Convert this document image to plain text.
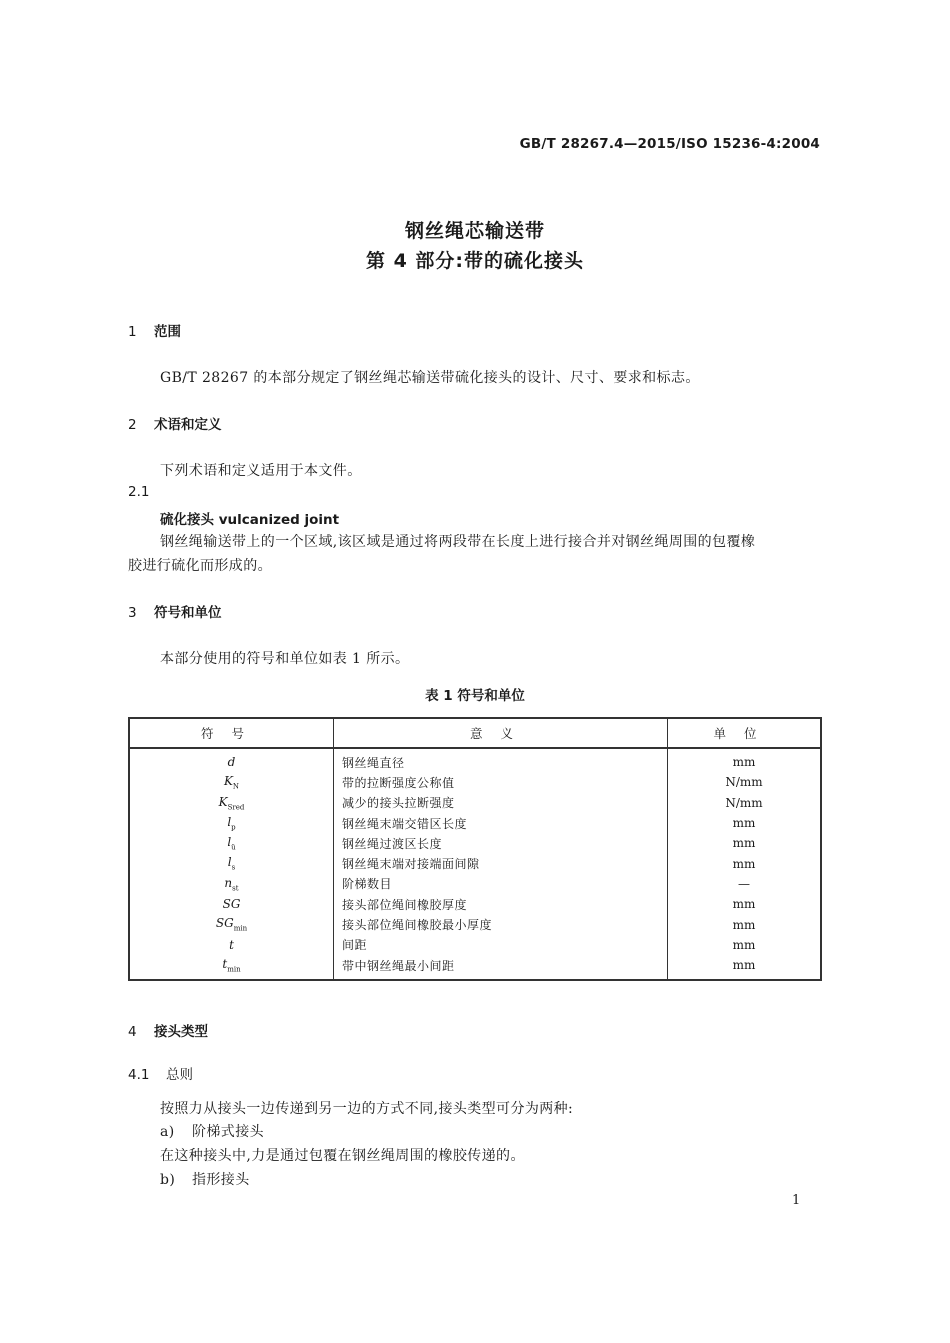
GB/T 28267.4—2015/ISO 15236-4:2004
钢丝绳芯输送带
第 4 部分:带的硫化接头
1 范围
GB/T 28267 的本部分规定了钢丝绳芯输送带硫化接头的设计、尺寸、要求和标志。
2 术语和定义
下列术语和定义适用于本文件。
2.1
硫化接头 vulcanized joint
钢丝绳输送带上的一个区域,该区域是通过将两段带在长度上进行接合并对钢丝绳周围的包覆橡
胶进行硫化而形成的。
3 符号和单位
本部分使用的符号和单位如表 1 所示。
表 1 符号和单位
符号	意义	单位
d	钢丝绳直径	mm
$K_N$	带的拉断强度公称值	N/mm
$K_{Sred}$	减少的接头拉断强度	N/mm
$l_p$	钢丝绳末端交错区长度	mm
$l_ü$	钢丝绳过渡区长度	mm
$l_s$	钢丝绳末端对接端面间隙	mm
$n_{st}$	阶梯数目	—
SG	接头部位绳间橡胶厚度	mm
$SG_{min}$	接头部位绳间橡胶最小厚度	mm
t	间距	mm
$t_{min}$	带中钢丝绳最小间距	mm
4 接头类型
4.1 总则
按照力从接头一边传递到另一边的方式不同,接头类型可分为两种:
a) 阶梯式接头
在这种接头中,力是通过包覆在钢丝绳周围的橡胶传递的。
b) 指形接头
1
